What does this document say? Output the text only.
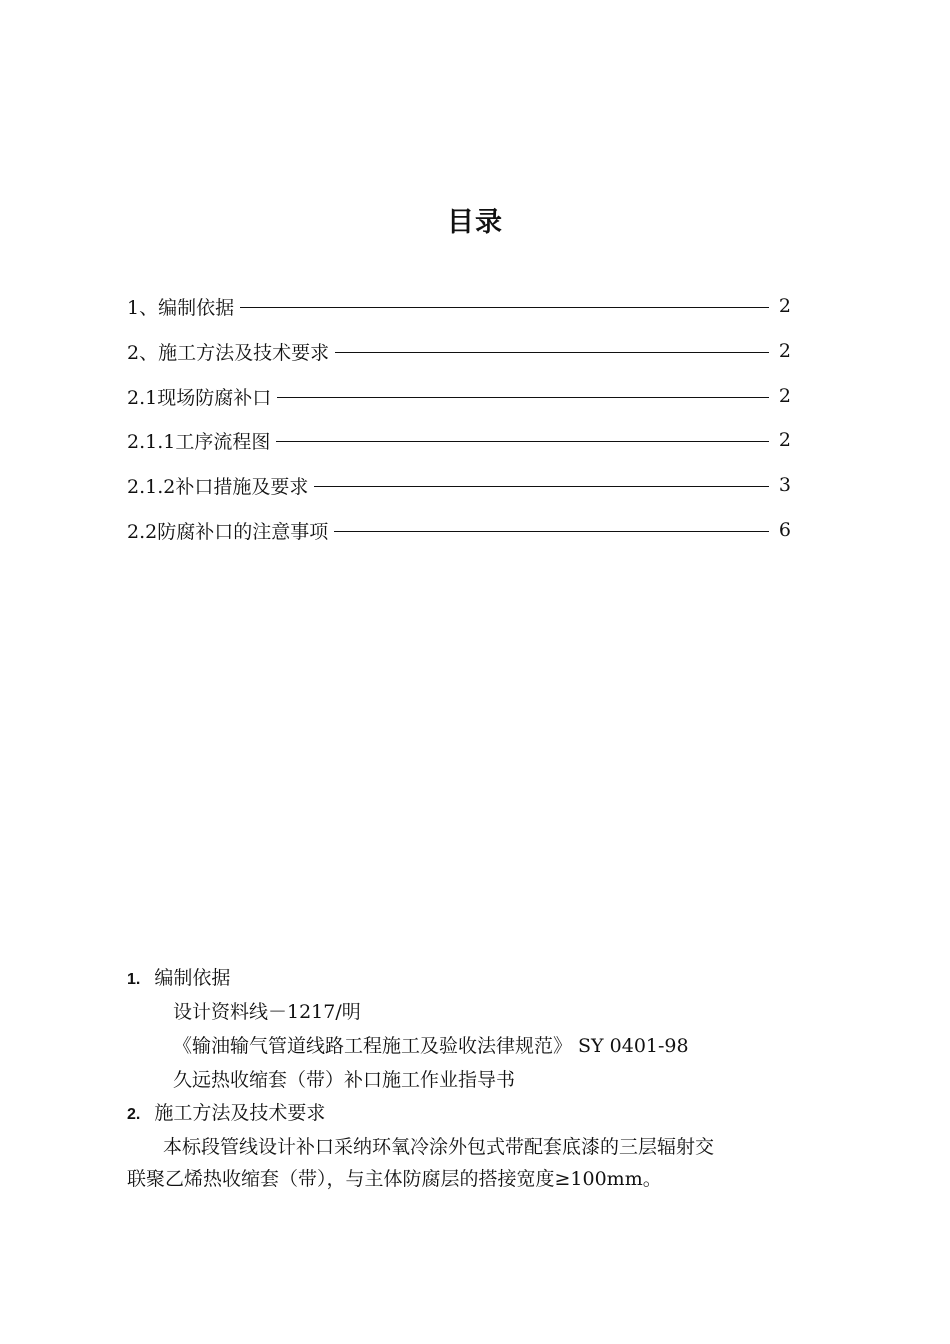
目录
1、编制依据	2
2、施工方法及技术要求	2
2.1现场防腐补口	2
2.1.1工序流程图	2
2.1.2补口措施及要求	3
2.2防腐补口的注意事项	6
1. 编制依据
设计资料线－1217/明
《输油输气管道线路工程施工及验收法律规范》 SY 0401-98
久远热收缩套（带）补口施工作业指导书
2. 施工方法及技术要求
本标段管线设计补口采纳环氧冷涂外包式带配套底漆的三层辐射交
联聚乙烯热收缩套（带），与主体防腐层的搭接宽度≥100mm。
